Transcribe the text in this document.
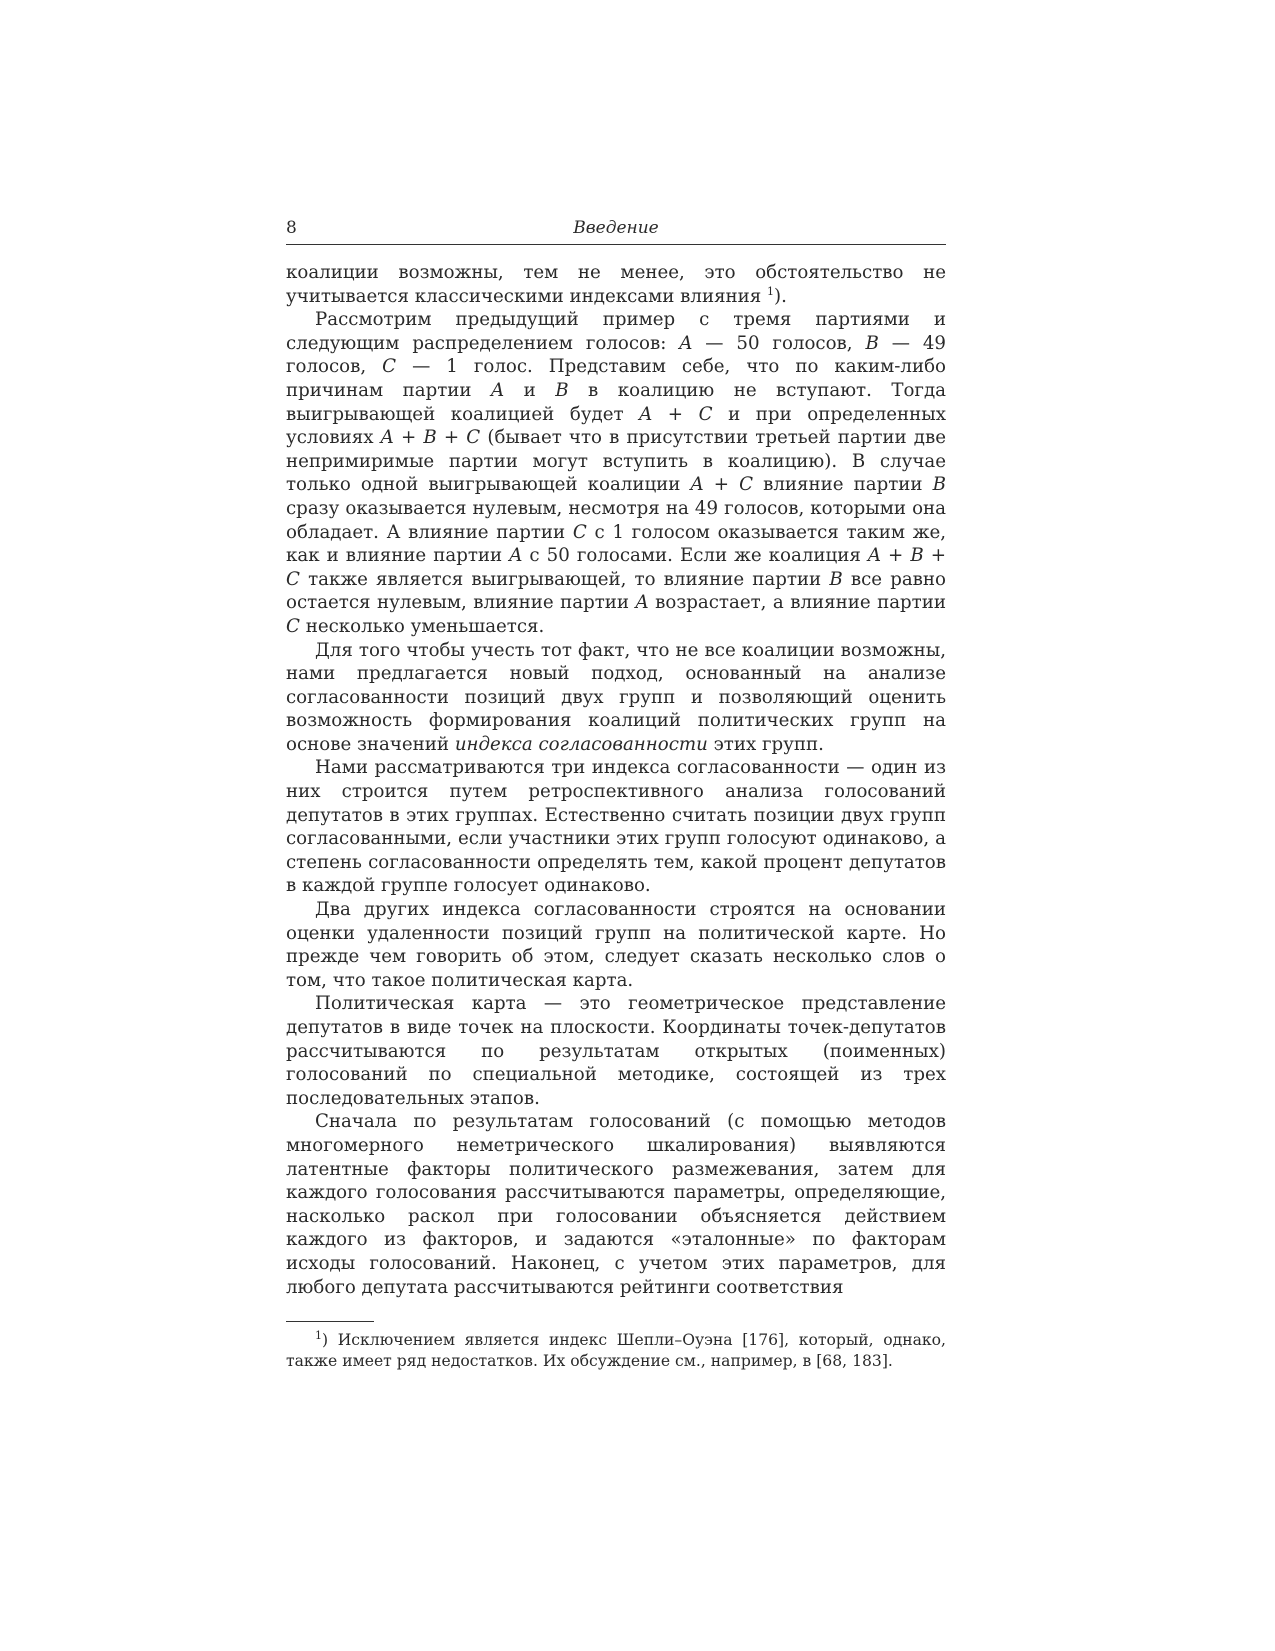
8	Введение

коалиции возможны, тем не менее, это обстоятельство не учитывается классическими индексами влияния $^1$).

Рассмотрим предыдущий пример с тремя партиями и следующим распределением голосов: A — 50 голосов, B — 49 голосов, C — 1 голос. Представим себе, что по каким-либо причинам партии A и B в коалицию не вступают. Тогда выигрывающей коалицией будет A + C и при определенных условиях A + B + C (бывает что в присутствии третьей партии две непримиримые партии могут вступить в коалицию). В случае только одной выигрывающей коалиции A + C влияние партии B сразу оказывается нулевым, несмотря на 49 голосов, которыми она обладает. А влияние партии C с 1 голосом оказывается таким же, как и влияние партии A с 50 голосами. Если же коалиция A + B + C также является выигрывающей, то влияние партии B все равно остается нулевым, влияние партии A возрастает, а влияние партии C несколько уменьшается.

Для того чтобы учесть тот факт, что не все коалиции возможны, нами предлагается новый подход, основанный на анализе согласованности позиций двух групп и позволяющий оценить возможность формирования коалиций политических групп на основе значений индекса согласованности этих групп.

Нами рассматриваются три индекса согласованности — один из них строится путем ретроспективного анализа голосований депутатов в этих группах. Естественно считать позиции двух групп согласованными, если участники этих групп голосуют одинаково, а степень согласованности определять тем, какой процент депутатов в каждой группе голосует одинаково.

Два других индекса согласованности строятся на основании оценки удаленности позиций групп на политической карте. Но прежде чем говорить об этом, следует сказать несколько слов о том, что такое политическая карта.

Политическая карта — это геометрическое представление депутатов в виде точек на плоскости. Координаты точек-депутатов рассчитываются по результатам открытых (поименных) голосований по специальной методике, состоящей из трех последовательных этапов.

Сначала по результатам голосований (с помощью методов многомерного неметрического шкалирования) выявляются латентные факторы политического размежевания, затем для каждого голосования рассчитываются параметры, определяющие, насколько раскол при голосовании объясняется действием каждого из факторов, и задаются «эталонные» по факторам исходы голосований. Наконец, с учетом этих параметров, для любого депутата рассчитываются рейтинги соответствия

$^1$) Исключением является индекс Шепли–Оуэна [176], который, однако, также имеет ряд недостатков. Их обсуждение см., например, в [68, 183].
